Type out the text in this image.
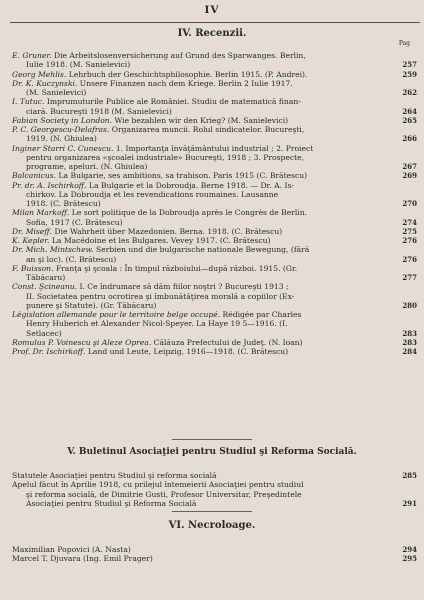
IV
IV. Recenzii.
Pag
E. Gruner. Die Arbeitslosenversicherung auf Grund des Sparwanges. Berlin,
Iulie 1918. (M. Sanielevici)	257
Georg Mehlis. Lehrbuch der Geschichtsphilosophie. Berlin 1915. (P. Andrei).	259
Dr. K. Kuczynski. Unsere Finanzen nach dem Kriege. Berlin 2 Iulie 1917.
(M. Sanielevici)	262
I. Tutuc. Imprumuturile Publice ale României. Studiu de matematică finan-
ciară. Bucureşti 1918 (M. Sanielevici)	264
Fabian Society in London. Wie bezahlen wir den Krieg? (M. Sanielevici)	265
P. C. Georgescu-Delafras. Organizarea muncii. Rolul sindicatelor. Bucureşti,
1919. (N. Ghiulea)	266
Inginer Starri C. Cunescu. 1. Importanţa învăţământului industrial ; 2. Proiect
pentru organizarea «şcoalei industriale» Bucureşti, 1918 ; 3. Prospecte,
programe, apeluri. (N. Ghiulea)	267
Balcanicus. La Bulgarie, ses ambitions, sa trahison. Paris 1915 (C. Brătescu)	269
Pr. dr. A. Ischirkoff. La Bulgarie et la Dobroudja. Berne 1918. — Dr. A. Is-
chirkov. La Dobroudja et les revendications roumaines. Lausanne
1918. (C. Brătescu)	270
Milan Markoff. Le sort politique de la Dobroudja après le Congrès de Berlin.
Sofia, 1917 (C. Brătescu)	274
Dr. Miseff. Die Wahrheit über Mazedonien. Berna. 1918. (C. Brătescu)	275
K. Kepler. La Macédoine et les Bulgares. Vevey 1917. (C. Brătescu)	276
Dr. Mich. Mintschew. Serbien und die bulgarische nationale Bewegung, (fără
an şi loc). (C. Brătescu)	276
F. Buisson. Franţa şi şcoala : În timpul războiului—după război. 1915. (Gr.
Tăbăcaru)	277
Const. Şcineanu. I. Ce îndrumare să dăm fiilor noştri ? Bucureşti 1913 ;
II. Societatea pentru ocrotirea şi îmbunătăţirea morală a copiilor (Ex-
punere şi Statute). (Gr. Tăbăcaru)	280
Législation allemande pour le territoire belge occupé. Rédigée par Charles
Henry Huberich et Alexander Nicol-Speyer. La Haye 19 5—1916. (I.
Setlacec)	283
Romulus P. Voinescu şi Aleze Oprea. Călăuza Prefectului de Judeţ. (N. Ioan)	283
Prof. Dr. Ischirkoff. Land und Leute, Leipzig, 1916—1918. (C. Brătescu)	284
V. Buletinul Asociaţiei pentru Studiul şi Reforma Socială.
Statutele Asociaţiei pentru Studiul şi reforma socială	285
Apelul făcut în Aprilie 1918, cu prilejul întemeierii Asociaţiei pentru studiul
şi reforma socială, de Dimitrie Gusti, Profesor Universitar, Preşedintele
Asociaţiei pentru Studiul şi Reforma Socială	291
VI. Necroloage.
Maximilian Popovici (A. Nasta)	294
Marcel T. Djuvara (Ing. Emil Prager)	295
